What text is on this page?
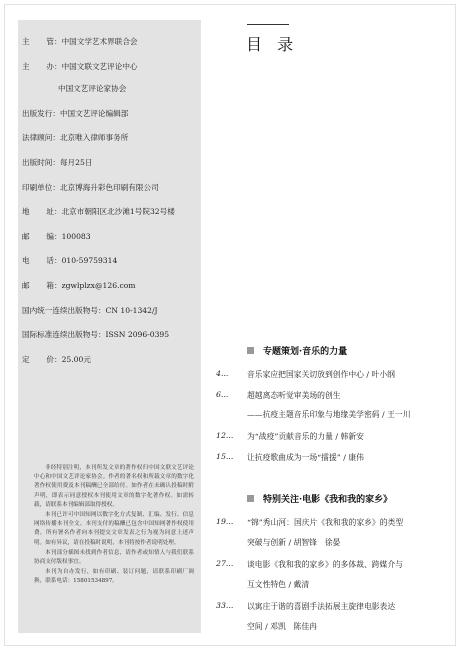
主管 ： 中国文学艺术界联合会
主办 ： 中国文联文艺评论中心
中国文艺评论家协会
出版发行 ： 中国文艺评论编辑部
法律顾问 ： 北京唯入律师事务所
出版时间 ： 每月25日
印刷单位 ： 北京博海升彩色印刷有限公司
地址 ： 北京市朝阳区北沙滩1号院32号楼
邮编 ： 100083
电话 ： 010-59759314
邮箱 ： zgwlplzx@126.com
国内统一连续出版物号 ： CN 10-1342/J
国际标准连续出版物号 ： ISSN 2096-0395
定价 ： 25.00元

非经特别注明，本刊所发文章的著作权归中国文联文艺评论中心和中国文艺评论家协会。作者的著名权和所载文章的数字化著作权使用费及本刊稿酬已全部给付。如作者在未确认投稿时附声明，即表示同意授权本刊使用文章的数字化著作权。如需转载，请联系本刊编辑部取得授权。

本刊已许可中国知网以数字化方式复制、汇编、发行、信息网络传播本刊全文。本刊支付的稿酬已包含中国知网著作权使用费，所有署名作者向本刊提交文章发表之行为视为同意上述声明。如有异议，请在投稿时说明，本刊将按作者说明处理。

本刊部分插图未找到作者信息，请作者或知情人与我们联系协商支付版权事宜。

本刊为自办发行，如有印刷、装订问题，请联系印刷厂调换，联系电话：15801534897。

目 录
专题策划·音乐的力量
4...	音乐家应把国家关切放到创作中心 / 叶小纲
6...	超越离态听觉审美场的创生
——抗疫主题音乐印象与地缘美学密码 / 王一川
12...	为“战疫”贡献音乐的力量 / 韩新安
15...	让抗疫歌曲成为一场“擂援” / 康伟
特别关注·电影《我和我的家乡》
19...	“锦”秀山河：国庆片《我和我的家乡》的类型
突破与创新 / 胡智锋　徐晏
27...	谈电影《我和我的家乡》的多体裁、跨媒介与
互文性特色 / 戴清
33...	以寓庄于谐的喜剧手法拓展主旋律电影表达
空间 / 邓凯　陈佳冉
